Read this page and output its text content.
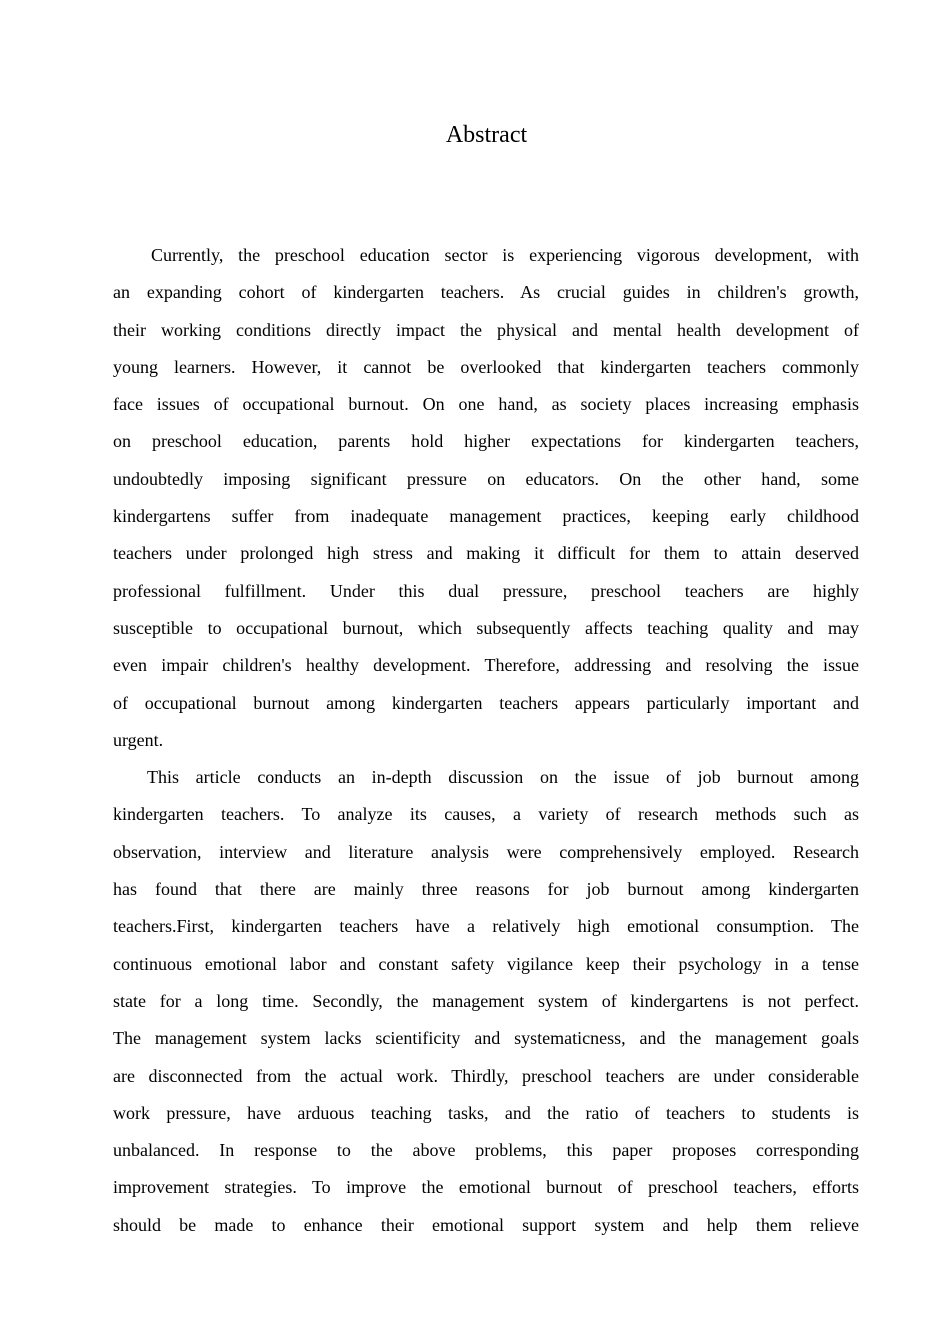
Abstract
Currently, the preschool education sector is experiencing vigorous development, with
an expanding cohort of kindergarten teachers. As crucial guides in children's growth,
their working conditions directly impact the physical and mental health development of
young learners. However, it cannot be overlooked that kindergarten teachers commonly
face issues of occupational burnout. On one hand, as society places increasing emphasis
on preschool education, parents hold higher expectations for kindergarten teachers,
undoubtedly imposing significant pressure on educators. On the other hand, some
kindergartens suffer from inadequate management practices, keeping early childhood
teachers under prolonged high stress and making it difficult for them to attain deserved
professional fulfillment. Under this dual pressure, preschool teachers are highly
susceptible to occupational burnout, which subsequently affects teaching quality and may
even impair children's healthy development. Therefore, addressing and resolving the issue
of occupational burnout among kindergarten teachers appears particularly important and
urgent.
This article conducts an in-depth discussion on the issue of job burnout among
kindergarten teachers. To analyze its causes, a variety of research methods such as
observation, interview and literature analysis were comprehensively employed. Research
has found that there are mainly three reasons for job burnout among kindergarten
teachers.First, kindergarten teachers have a relatively high emotional consumption. The
continuous emotional labor and constant safety vigilance keep their psychology in a tense
state for a long time. Secondly, the management system of kindergartens is not perfect.
The management system lacks scientificity and systematicness, and the management goals
are disconnected from the actual work. Thirdly, preschool teachers are under considerable
work pressure, have arduous teaching tasks, and the ratio of teachers to students is
unbalanced. In response to the above problems, this paper proposes corresponding
improvement strategies. To improve the emotional burnout of preschool teachers, efforts
should be made to enhance their emotional support system and help them relieve
